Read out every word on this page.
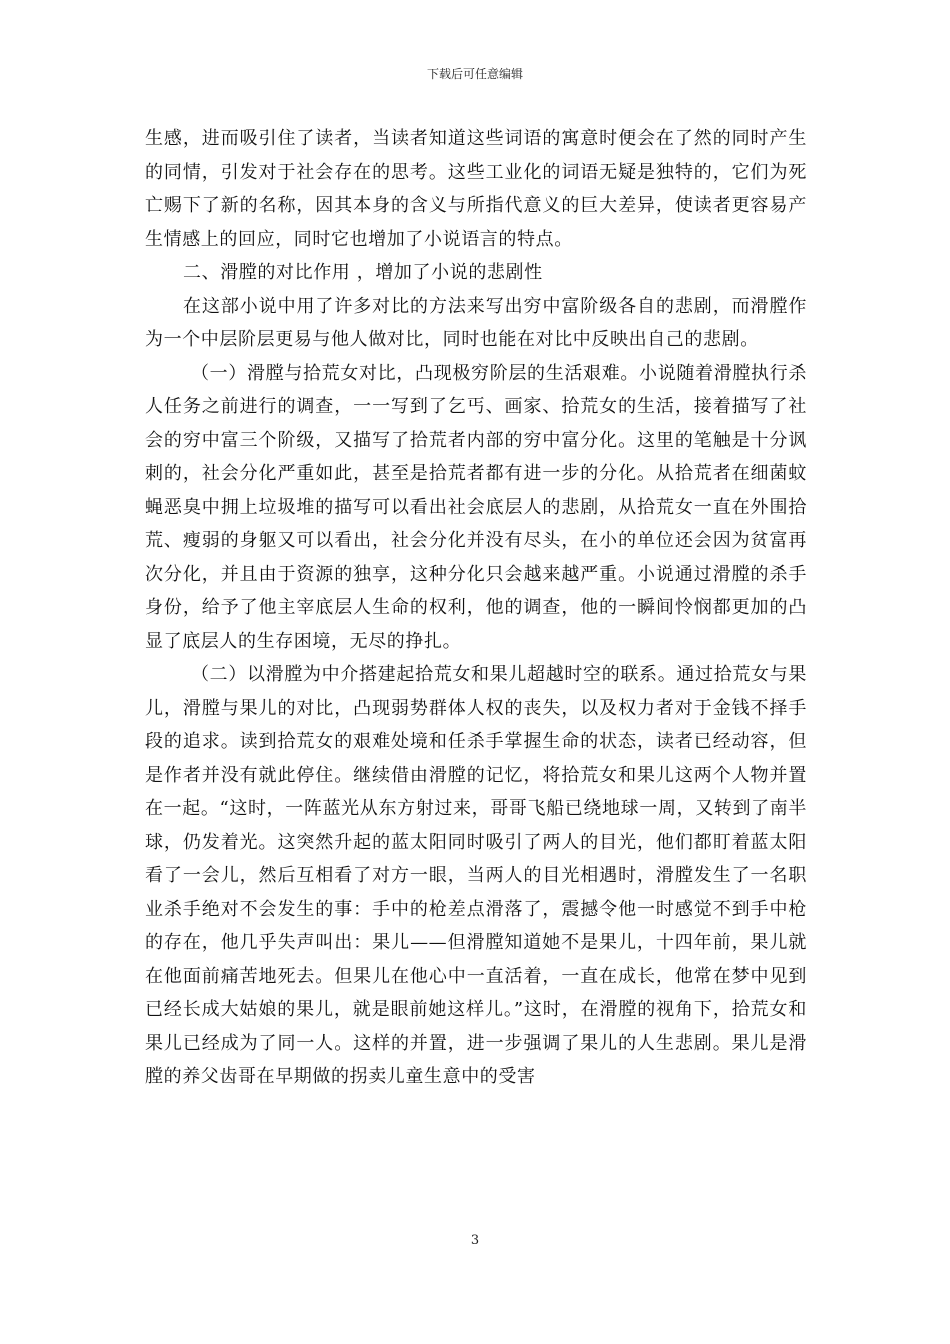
下载后可任意编辑

生感，进而吸引住了读者，当读者知道这些词语的寓意时便会在了然的同时产生的同情，引发对于社会存在的思考。这些工业化的词语无疑是独特的，它们为死亡赐下了新的名称，因其本身的含义与所指代意义的巨大差异，使读者更容易产生情感上的回应，同时它也增加了小说语言的特点。

二、滑膛的对比作用 ，增加了小说的悲剧性

在这部小说中用了许多对比的方法来写出穷中富阶级各自的悲剧，而滑膛作为一个中层阶层更易与他人做对比，同时也能在对比中反映出自己的悲剧。

（一）滑膛与拾荒女对比，凸现极穷阶层的生活艰难。小说随着滑膛执行杀人任务之前进行的调查，一一写到了乞丐、画家、拾荒女的生活，接着描写了社会的穷中富三个阶级，又描写了拾荒者内部的穷中富分化。这里的笔触是十分讽刺的，社会分化严重如此，甚至是拾荒者都有进一步的分化。从拾荒者在细菌蚊蝇恶臭中拥上垃圾堆的描写可以看出社会底层人的悲剧，从拾荒女一直在外围拾荒、瘦弱的身躯又可以看出，社会分化并没有尽头，在小的单位还会因为贫富再次分化，并且由于资源的独享，这种分化只会越来越严重。小说通过滑膛的杀手身份，给予了他主宰底层人生命的权利，他的调查，他的一瞬间怜悯都更加的凸显了底层人的生存困境，无尽的挣扎。

（二）以滑膛为中介搭建起拾荒女和果儿超越时空的联系。通过拾荒女与果儿，滑膛与果儿的对比，凸现弱势群体人权的丧失，以及权力者对于金钱不择手段的追求。读到拾荒女的艰难处境和任杀手掌握生命的状态，读者已经动容，但是作者并没有就此停住。继续借由滑膛的记忆，将拾荒女和果儿这两个人物并置在一起。“这时，一阵蓝光从东方射过来，哥哥飞船已绕地球一周，又转到了南半球，仍发着光。这突然升起的蓝太阳同时吸引了两人的目光，他们都盯着蓝太阳看了一会儿，然后互相看了对方一眼，当两人的目光相遇时，滑膛发生了一名职业杀手绝对不会发生的事：手中的枪差点滑落了，震撼令他一时感觉不到手中枪的存在，他几乎失声叫出：果儿——但滑膛知道她不是果儿，十四年前，果儿就在他面前痛苦地死去。但果儿在他心中一直活着，一直在成长，他常在梦中见到已经长成大姑娘的果儿，就是眼前她这样儿。”这时，在滑膛的视角下，拾荒女和果儿已经成为了同一人。这样的并置，进一步强调了果儿的人生悲剧。果儿是滑膛的养父齿哥在早期做的拐卖儿童生意中的受害

3
